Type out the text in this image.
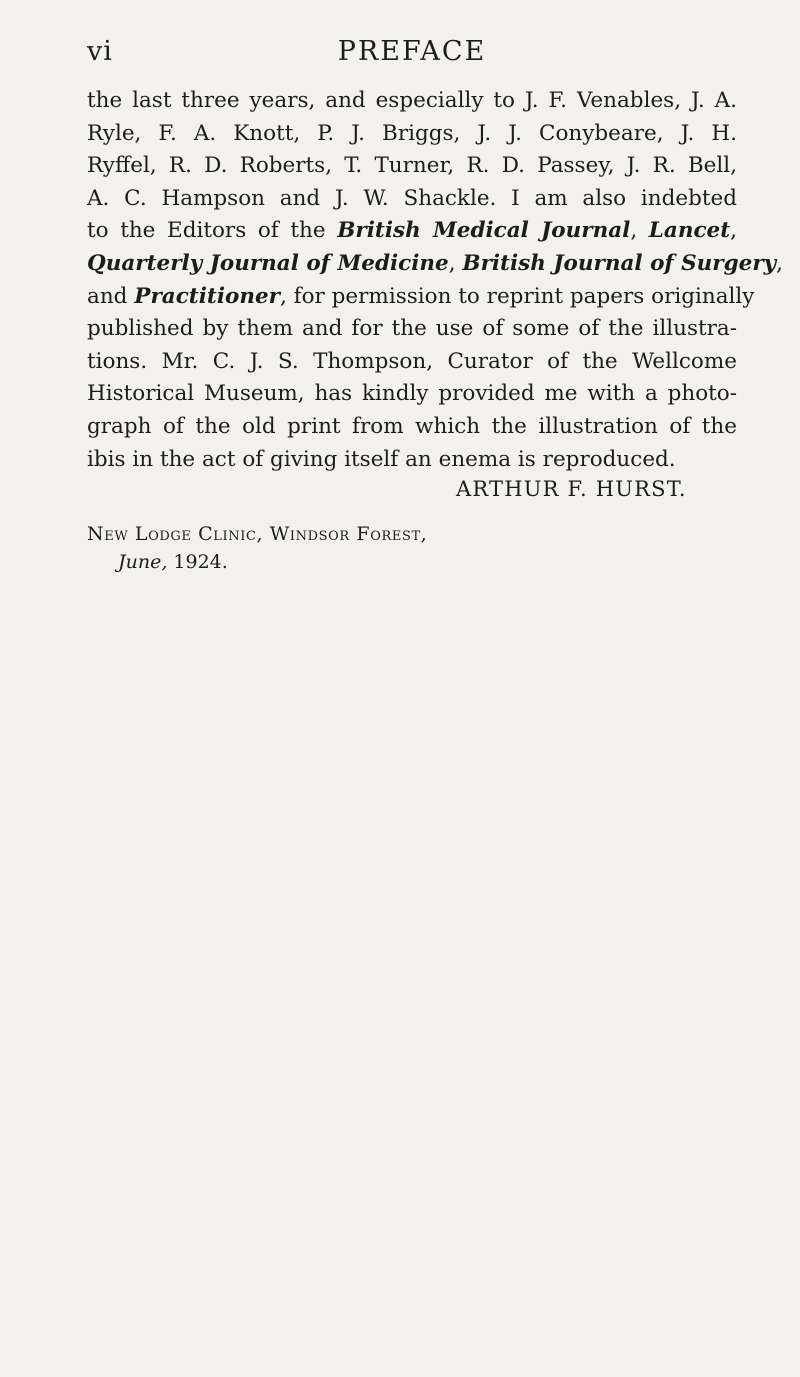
vi	PREFACE
the last three years, and especially to J. F. Venables, J. A.
Ryle, F. A. Knott, P. J. Briggs, J. J. Conybeare, J. H.
Ryffel, R. D. Roberts, T. Turner, R. D. Passey, J. R. Bell,
A. C. Hampson and J. W. Shackle. I am also indebted
to the Editors of the British Medical Journal, Lancet,
Quarterly Journal of Medicine, British Journal of Surgery,
and Practitioner, for permission to reprint papers originally
published by them and for the use of some of the illustra-
tions. Mr. C. J. S. Thompson, Curator of the Wellcome
Historical Museum, has kindly provided me with a photo-
graph of the old print from which the illustration of the
ibis in the act of giving itself an enema is reproduced.
ARTHUR F. HURST.
New Lodge Clinic, Windsor Forest,
June, 1924.
